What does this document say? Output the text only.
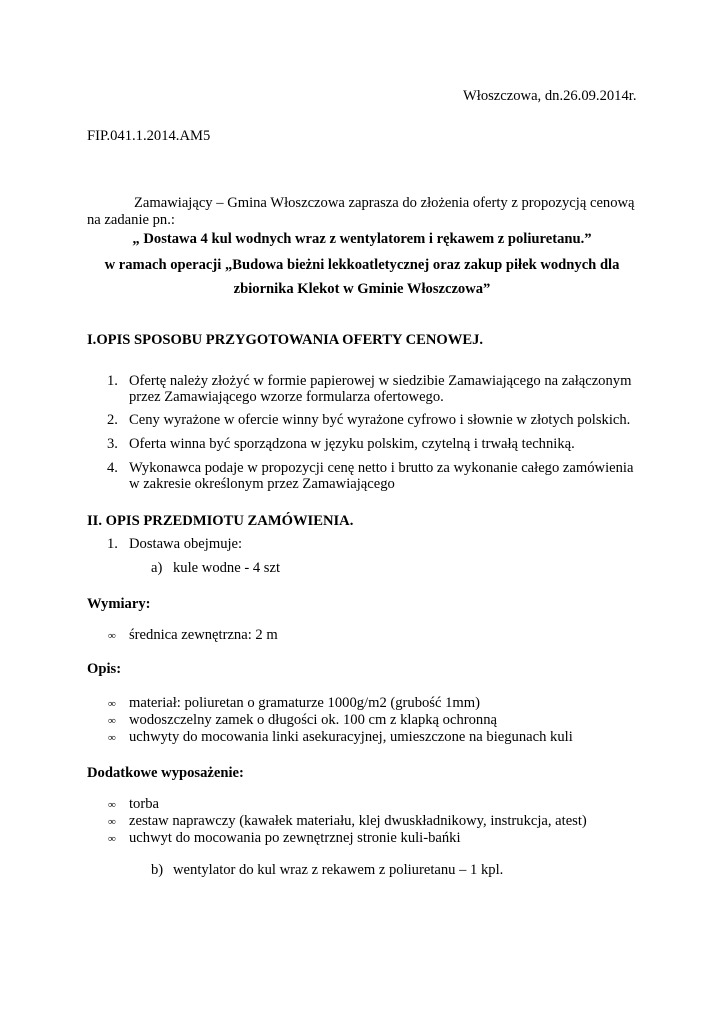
Włoszczowa, dn.26.09.2014r.
FIP.041.1.2014.AM5
Zamawiający – Gmina Włoszczowa zaprasza do złożenia oferty z propozycją cenową
na zadanie pn.:
„ Dostawa 4 kul wodnych wraz z wentylatorem i rękawem z poliuretanu.”
w ramach operacji „Budowa bieżni lekkoatletycznej oraz zakup piłek wodnych dla
zbiornika Klekot w Gminie Włoszczowa”
I.OPIS SPOSOBU PRZYGOTOWANIA OFERTY CENOWEJ.
1. Ofertę należy złożyć w formie papierowej w siedzibie Zamawiającego na załączonym
przez Zamawiającego wzorze formularza ofertowego.
2. Ceny wyrażone w ofercie winny być wyrażone cyfrowo i słownie w złotych polskich.
3. Oferta winna być sporządzona w języku polskim, czytelną i trwałą techniką.
4. Wykonawca podaje w propozycji cenę netto i brutto za wykonanie całego zamówienia
w zakresie określonym przez Zamawiającego
II. OPIS PRZEDMIOTU ZAMÓWIENIA.
1. Dostawa obejmuje:
a) kule wodne - 4 szt
Wymiary:
∞ średnica zewnętrzna: 2 m
Opis:
∞ materiał: poliuretan o gramaturze 1000g/m2 (grubość 1mm)
∞ wodoszczelny zamek o długości ok. 100 cm z klapką ochronną
∞ uchwyty do mocowania linki asekuracyjnej, umieszczone na biegunach kuli
Dodatkowe wyposażenie:
∞ torba
∞ zestaw naprawczy (kawałek materiału, klej dwuskładnikowy, instrukcja, atest)
∞ uchwyt do mocowania po zewnętrznej stronie kuli-bańki
b) wentylator do kul wraz z rekawem z poliuretanu – 1 kpl.
